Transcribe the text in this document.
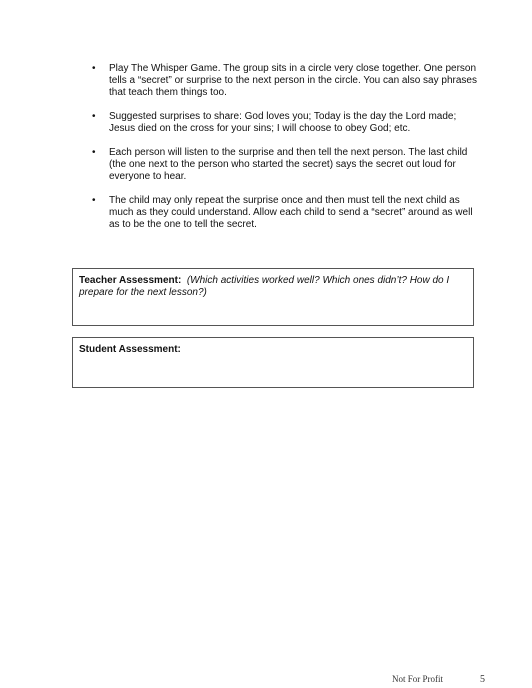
• Play The Whisper Game. The group sits in a circle very close together. One person tells a “secret” or surprise to the next person in the circle. You can also say phrases that teach them things too.
• Suggested surprises to share: God loves you; Today is the day the Lord made; Jesus died on the cross for your sins; I will choose to obey God; etc.
• Each person will listen to the surprise and then tell the next person. The last child (the one next to the person who started the secret) says the secret out loud for everyone to hear.
• The child may only repeat the surprise once and then must tell the next child as much as they could understand. Allow each child to send a “secret” around as well as to be the one to tell the secret.
Teacher Assessment: (Which activities worked well? Which ones didn’t? How do I prepare for the next lesson?)
Student Assessment:
Not For Profit	5
